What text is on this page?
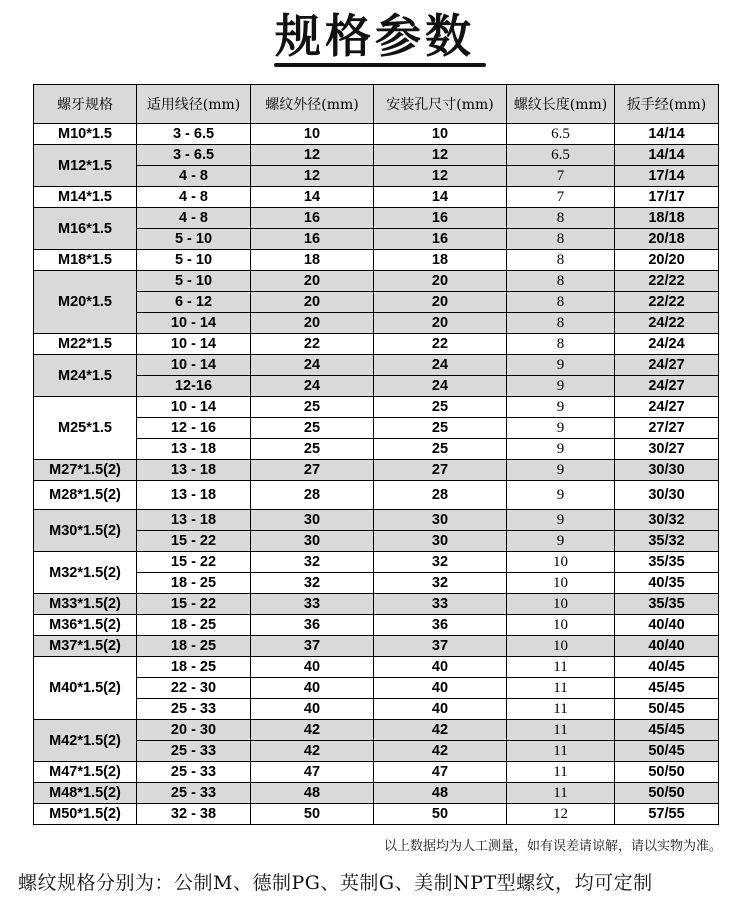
规格参数
螺牙规格	适用线径(mm)	螺纹外径(mm)	安装孔尺寸(mm)	螺纹长度(mm)	扳手经(mm)
M10*1.5	3 - 6.5	10	10	6.5	14/14
M12*1.5	3 - 6.5	12	12	6.5	14/14
	4 - 8	12	12	7	17/14
M14*1.5	4 - 8	14	14	7	17/17
M16*1.5	4 - 8	16	16	8	18/18
	5 - 10	16	16	8	20/18
M18*1.5	5 - 10	18	18	8	20/20
M20*1.5	5 - 10	20	20	8	22/22
	6 - 12	20	20	8	22/22
	10 - 14	20	20	8	24/22
M22*1.5	10 - 14	22	22	8	24/24
M24*1.5	10 - 14	24	24	9	24/27
	12-16	24	24	9	24/27
M25*1.5	10 - 14	25	25	9	24/27
	12 - 16	25	25	9	27/27
	13 - 18	25	25	9	30/27
M27*1.5(2)	13 - 18	27	27	9	30/30
M28*1.5(2)	13 - 18	28	28	9	30/30
M30*1.5(2)	13 - 18	30	30	9	30/32
	15 - 22	30	30	9	35/32
M32*1.5(2)	15 - 22	32	32	10	35/35
	18 - 25	32	32	10	40/35
M33*1.5(2)	15 - 22	33	33	10	35/35
M36*1.5(2)	18 - 25	36	36	10	40/40
M37*1.5(2)	18 - 25	37	37	10	40/40
M40*1.5(2)	18 - 25	40	40	11	40/45
	22 - 30	40	40	11	45/45
	25 - 33	40	40	11	50/45
M42*1.5(2)	20 - 30	42	42	11	45/45
	25 - 33	42	42	11	50/45
M47*1.5(2)	25 - 33	47	47	11	50/50
M48*1.5(2)	25 - 33	48	48	11	50/50
M50*1.5(2)	32 - 38	50	50	12	57/55
以上数据均为人工测量，如有误差请谅解，请以实物为准。
螺纹规格分别为：公制M、德制PG、英制G、美制NPT型螺纹，均可定制
